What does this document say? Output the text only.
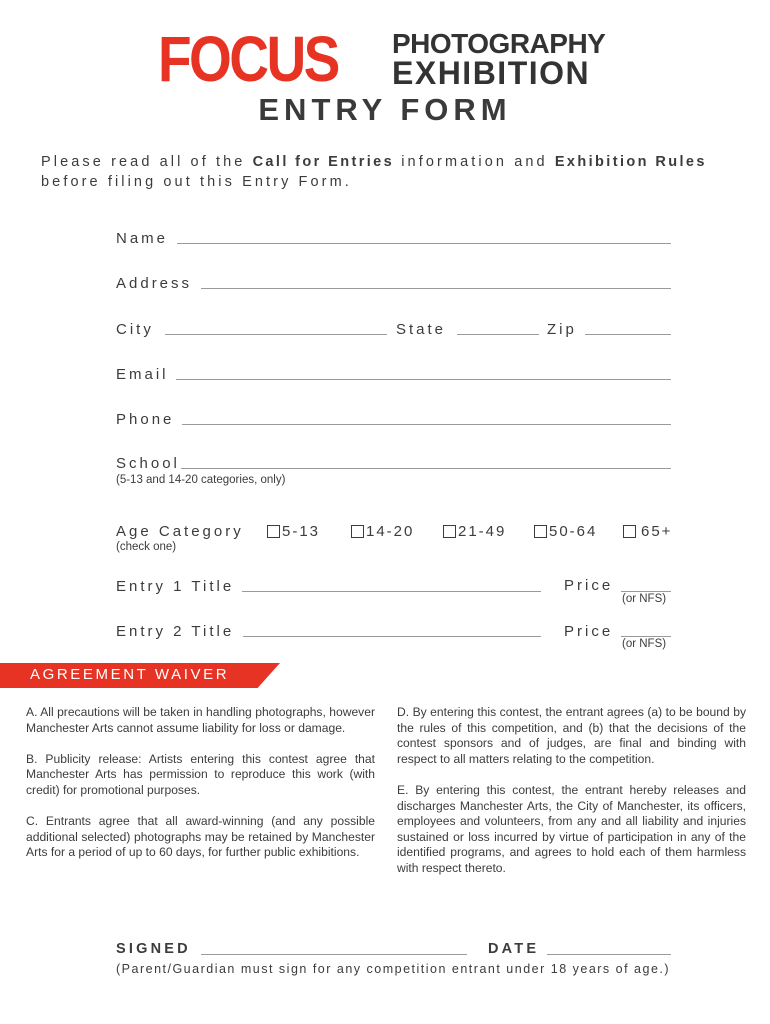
FOCUS PHOTOGRAPHY
EXHIBITION
ENTRY FORM
Please read all of the Call for Entries information and Exhibition Rules
before filing out this Entry Form.
Name
Address
City	State	Zip
Email
Phone
School
(5-13 and 14-20 categories, only)
Age Category
(check one)
5-13	14-20	21-49	50-64	65+
Entry 1 Title	Price
(or NFS)
Entry 2 Title	Price
(or NFS)
AGREEMENT WAIVER

A. All precautions will be taken in handling photographs, however Manchester Arts cannot assume liability for loss or damage.

B. Publicity release: Artists entering this contest agree that Manchester Arts has permission to reproduce this work (with credit) for promotional purposes.

C. Entrants agree that all award-winning (and any possible additional selected) photographs may be retained by Manchester Arts for a period of up to 60 days, for further public exhibitions.

D. By entering this contest, the entrant agrees (a) to be bound by the rules of this competition, and (b) that the decisions of the contest sponsors and of judges, are final and binding with respect to all matters relating to the competition.

E. By entering this contest, the entrant hereby releases and discharges Manchester Arts, the City of Manchester, its officers, employees and volunteers, from any and all liability and injuries sustained or loss incurred by virtue of participation in any of the identified programs, and agrees to hold each of them harmless with respect thereto.

SIGNED	DATE
(Parent/Guardian must sign for any competition entrant under 18 years of age.)
